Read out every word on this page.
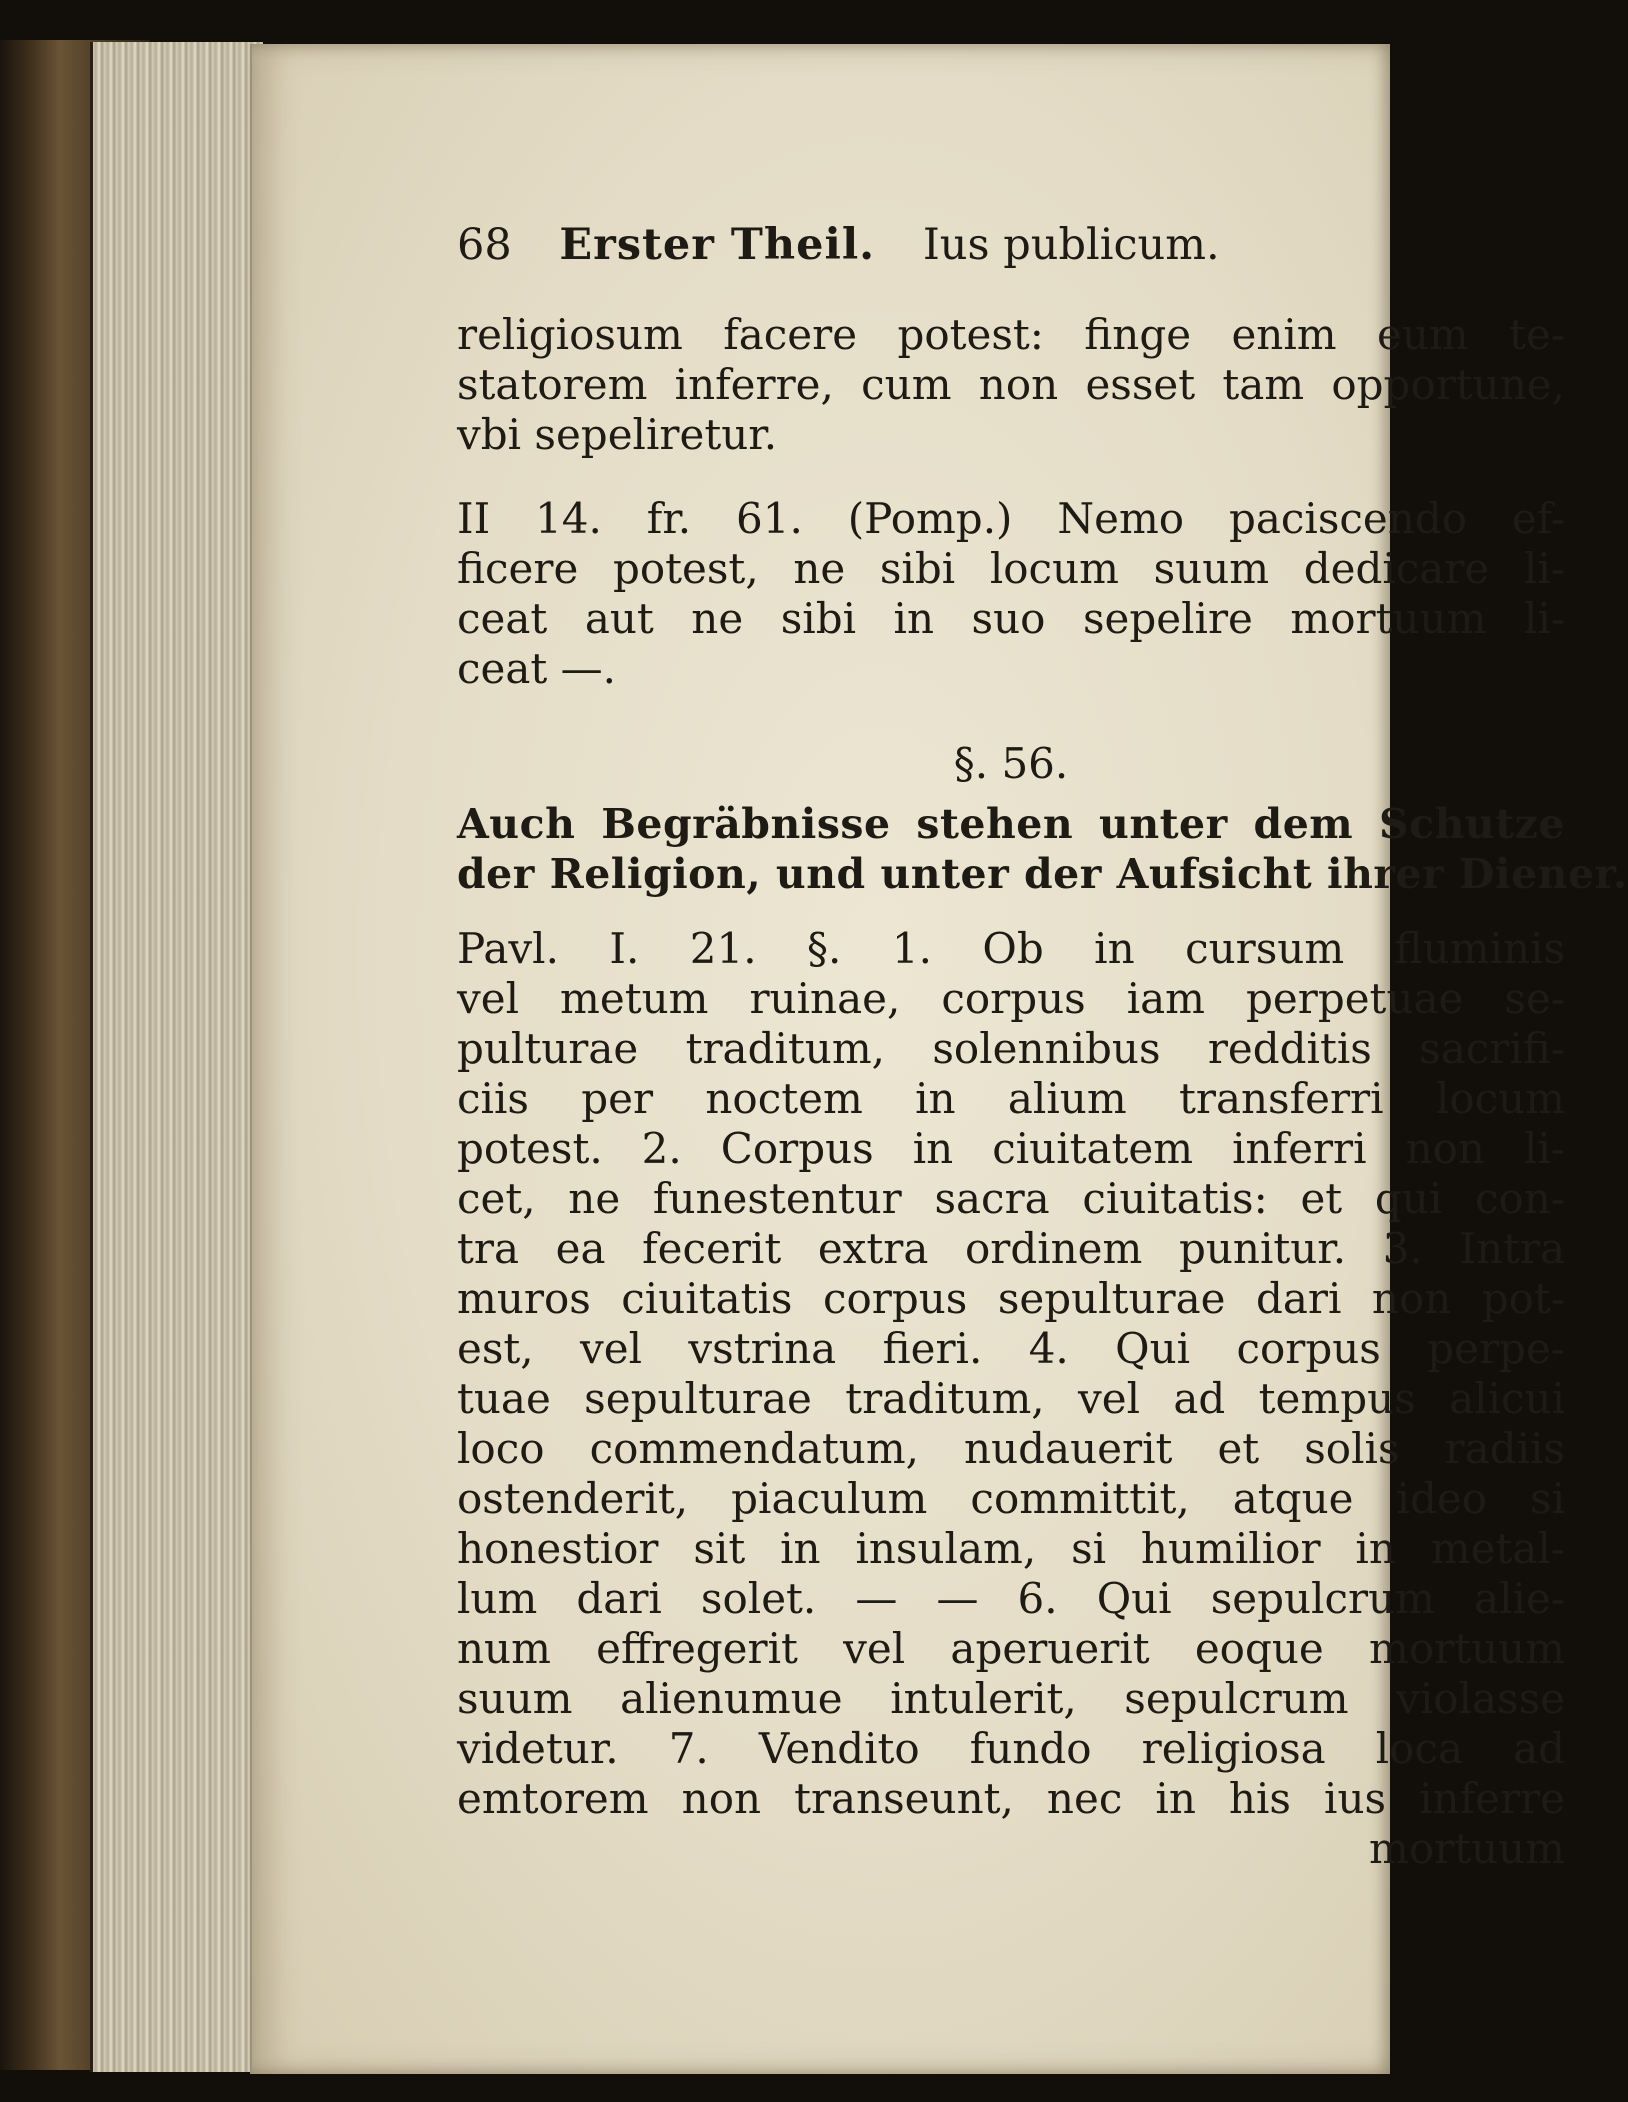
68 Erster Theil. Ius publicum.
religiosum facere potest: finge enim eum te-
statorem inferre, cum non esset tam opportune,
vbi sepeliretur.
II 14. fr. 61. (Pomp.) Nemo paciscendo ef-
ficere potest, ne sibi locum suum dedicare li-
ceat aut ne sibi in suo sepelire mortuum li-
ceat —.
§. 56.
Auch Begräbnisse stehen unter dem Schutze
der Religion, und unter der Aufsicht ihrer Diener.
Pavl. I. 21. §. 1. Ob in cursum fluminis
vel metum ruinae, corpus iam perpetuae se-
pulturae traditum, solennibus redditis sacrifi-
ciis per noctem in alium transferri locum
potest. 2. Corpus in ciuitatem inferri non li-
cet, ne funestentur sacra ciuitatis: et qui con-
tra ea fecerit extra ordinem punitur. 3. Intra
muros ciuitatis corpus sepulturae dari non pot-
est, vel vstrina fieri. 4. Qui corpus perpe-
tuae sepulturae traditum, vel ad tempus alicui
loco commendatum, nudauerit et solis radiis
ostenderit, piaculum committit, atque ideo si
honestior sit in insulam, si humilior in metal-
lum dari solet. — — 6. Qui sepulcrum alie-
num effregerit vel aperuerit eoque mortuum
suum alienumue intulerit, sepulcrum violasse
videtur. 7. Vendito fundo religiosa loca ad
emtorem non transeunt, nec in his ius inferre
mortuum
